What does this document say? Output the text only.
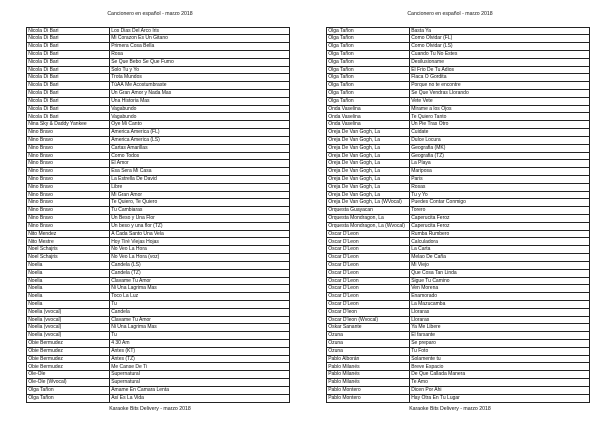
Cancionero en español - marzo 2018
Nicola Di Bari	Los Dias Del Arco Iris
Nicola Di Bari	Mi Corazon Es Un Gitano
Nicola Di Bari	Primera Cosa Bella
Nicola Di Bari	Rosa
Nicola Di Bari	Se Que Bebo Se Que Fumo
Nicola Di Bari	Solo Tu y Yo
Nicola Di Bari	Trota Mundos
Nicola Di Bari	TúAÁ Me Acostumbraste
Nicola Di Bari	Un Gran Amor y Nada Mas
Nicola Di Bari	Una Historia Mas
Nicola Di Bari	Vagabundo
Nicola Di Bari	Vagabundo
Nina Sky & Daddy Yankee	Oye Mi Canto
Nino Bravo	America America (FL)
Nino Bravo	America America (LS)
Nino Bravo	Cartas Amarillas
Nino Bravo	Como Todos
Nino Bravo	El Amor
Nino Bravo	Esa Sera Mi Casa
Nino Bravo	La Estrella De David
Nino Bravo	Libre
Nino Bravo	Mi Gran Amor
Nino Bravo	Te Quiero, Te Quiero
Nino Bravo	Tu Cambiaras
Nino Bravo	Un Beso y Una Flor
Nino Bravo	Un beso y una flor (TZ)
Nito Mendez	A Cada Santo Una Vela
Nito Mestre	Hoy Tiré Viejas Hojas
Noel Schajris	No Veo La Hora
Noel Schajris	No Veo La Hora (voz)
Noelia	Candela (LS)
Noelia	Candela (TZ)
Noelia	Clavame Tu Amor
Noelia	Ni Una Lagrima Mas
Noelia	Toco La Luz
Noelia	Tu
Noelia (vvocal)	Candela
Noelia (vvocal)	Clavame Tu Amor
Noelia (vvocal)	Ni Una Lagrima Mas
Noelia (vvocal)	Tu
Obie Bermudez	4 30 Am
Obie Bermudez	Antes (KT)
Obie Bermudez	Antes (TZ)
Obie Bermudez	Me Canse De Ti
Ole-Ole	Supernatural
Ole-Ole (Wvocal)	Supernatural
Olga Tañon	Amame En Camara Lenta
Olga Tañon	Así Es La Vida
Karaoke Bits Delivery - marzo 2018
Cancionero en español - marzo 2018
Olga Tañon	Basta Ya
Olga Tañon	Como Olvidar (FL)
Olga Tañon	Como Olvidar (LS)
Olga Tañon	Cuando Tu No Estes
Olga Tañon	Desilusioname
Olga Tañon	El Frio De Tu Adios
Olga Tañon	Flaca O Gordita
Olga Tañon	Porque no te encontre
Olga Tañon	Se Que Vendras Llorando
Olga Tañon	Vete Vete
Onda Vaselina	Mirame a los Ojos
Onda Vaselina	Te Quiero Tanto
Onda Vaselina	Un Pie Tras Otro
Oreja De Van Gogh, La	Cuidate
Oreja De Van Gogh, La	Dulce Locura
Oreja De Van Gogh, La	Geografia (MK)
Oreja De Van Gogh, La	Geografia (TZ)
Oreja De Van Gogh, La	La Playa
Oreja De Van Gogh, La	Mariposa
Oreja De Van Gogh, La	Paris
Oreja De Van Gogh, La	Rosas
Oreja De Van Gogh, La	Tu y Yo
Oreja De Van Gogh, La (WVocal)	Puedes Contar Conmigo
Orquesta Guayacan	Torero
Orquesta Mondragon, La	Caperucita Feroz
Orquesta Mondragon, La (Wvocal)	Caperucita Feroz
Oscar D'Leon	Rumba Rumbero
Oscar D'Leon	Calculadora
Oscar D'Leon	La Carta
Oscar D'Leon	Melao De Caña
Oscar D'Leon	Mi Viejo
Oscar D'Leon	Que Cosa Tan Linda
Oscar D'Leon	Sigue Tu Camino
Oscar D'Leon	Ven Morena
Oscar D'Leon	Enamorado
Oscar D'Leon	La Mazucamba
Oscar D'leon	Lloraras
Oscar D'leon (Wvocal)	Lloraras
Oskar Sanante	Ya Me Libere
Ozuna	El farsante
Ozuna	Se preparo
Ozuna	Tu Foto
Pablo Alborán	Solamente tu
Pablo Milanés	Breve Espacio
Pablo Milanés	De Que Callada Manera
Pablo Milanés	Te Amo
Pablo Montero	Dicen Por Ahi
Pablo Montero	Hay Otra En Tu Lugar
Karaoke Bits Delivery - marzo 2018
